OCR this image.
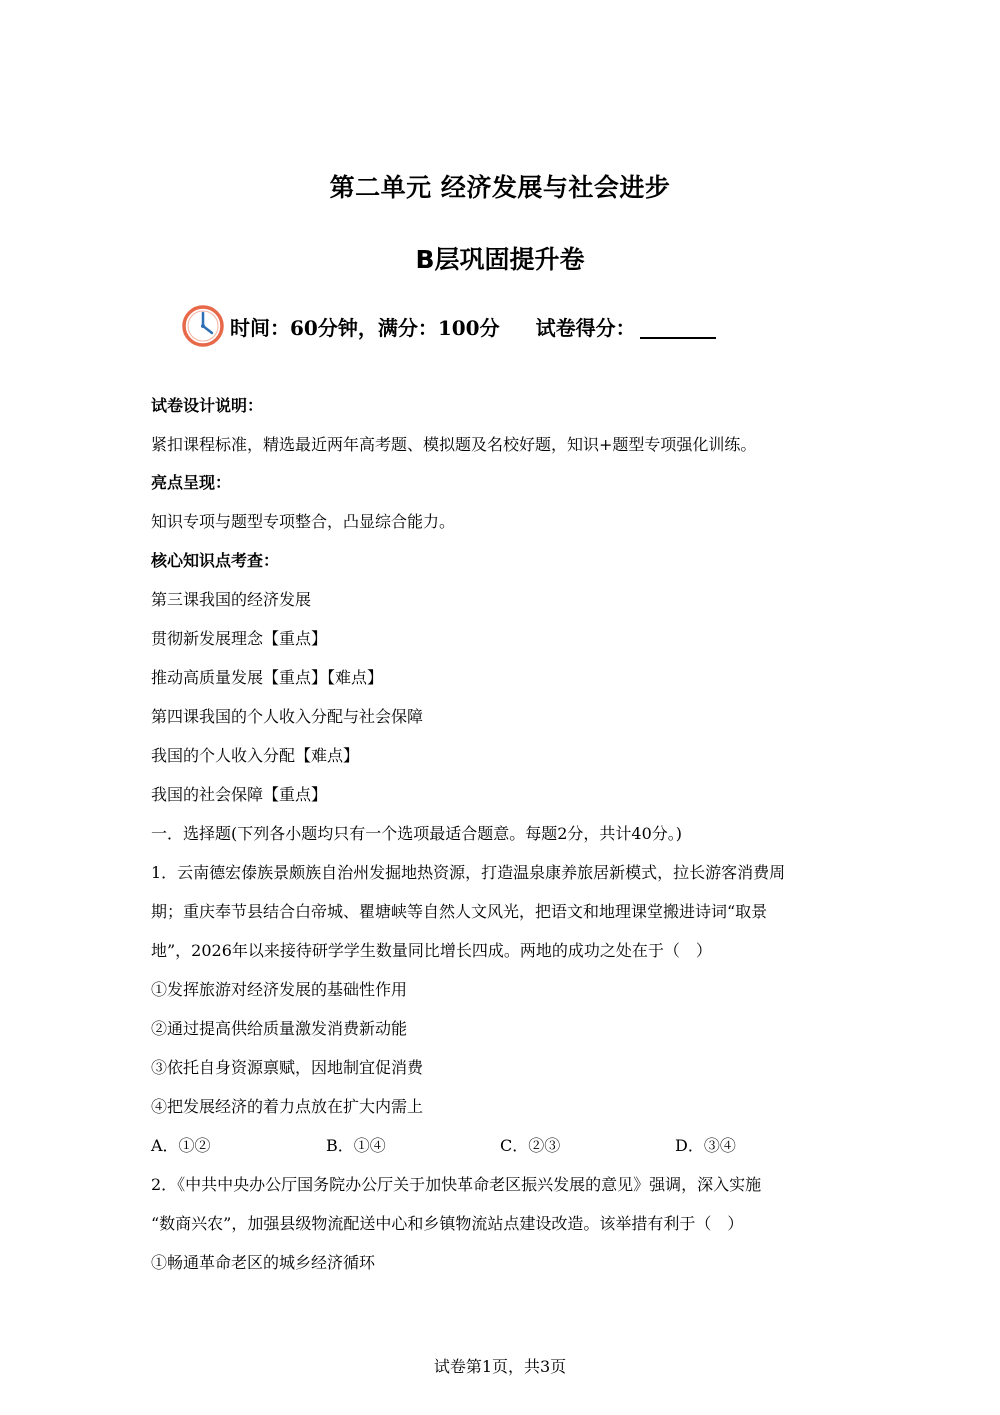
第二单元 经济发展与社会进步
B层巩固提升卷
时间：60分钟，满分：100分 试卷得分：
试卷设计说明：
紧扣课程标准，精选最近两年高考题、模拟题及名校好题，知识+题型专项强化训练。
亮点呈现：
知识专项与题型专项整合，凸显综合能力。
核心知识点考查：
第三课我国的经济发展
贯彻新发展理念【重点】
推动高质量发展【重点】【难点】
第四课我国的个人收入分配与社会保障
我国的个人收入分配【难点】
我国的社会保障【重点】
一．选择题(下列各小题均只有一个选项最适合题意。每题2分，共计40分。)
1．云南德宏傣族景颇族自治州发掘地热资源，打造温泉康养旅居新模式，拉长游客消费周
期；重庆奉节县结合白帝城、瞿塘峡等自然人文风光，把语文和地理课堂搬进诗词“取景
地”，2026年以来接待研学学生数量同比增长四成。两地的成功之处在于（　）
①发挥旅游对经济发展的基础性作用
②通过提高供给质量激发消费新动能
③依托自身资源禀赋，因地制宜促消费
④把发展经济的着力点放在扩大内需上
A．①②	B．①④	C．②③	D．③④
2．《中共中央办公厅国务院办公厅关于加快革命老区振兴发展的意见》强调，深入实施
“数商兴农”，加强县级物流配送中心和乡镇物流站点建设改造。该举措有利于（　）
①畅通革命老区的城乡经济循环
试卷第1页，共3页
